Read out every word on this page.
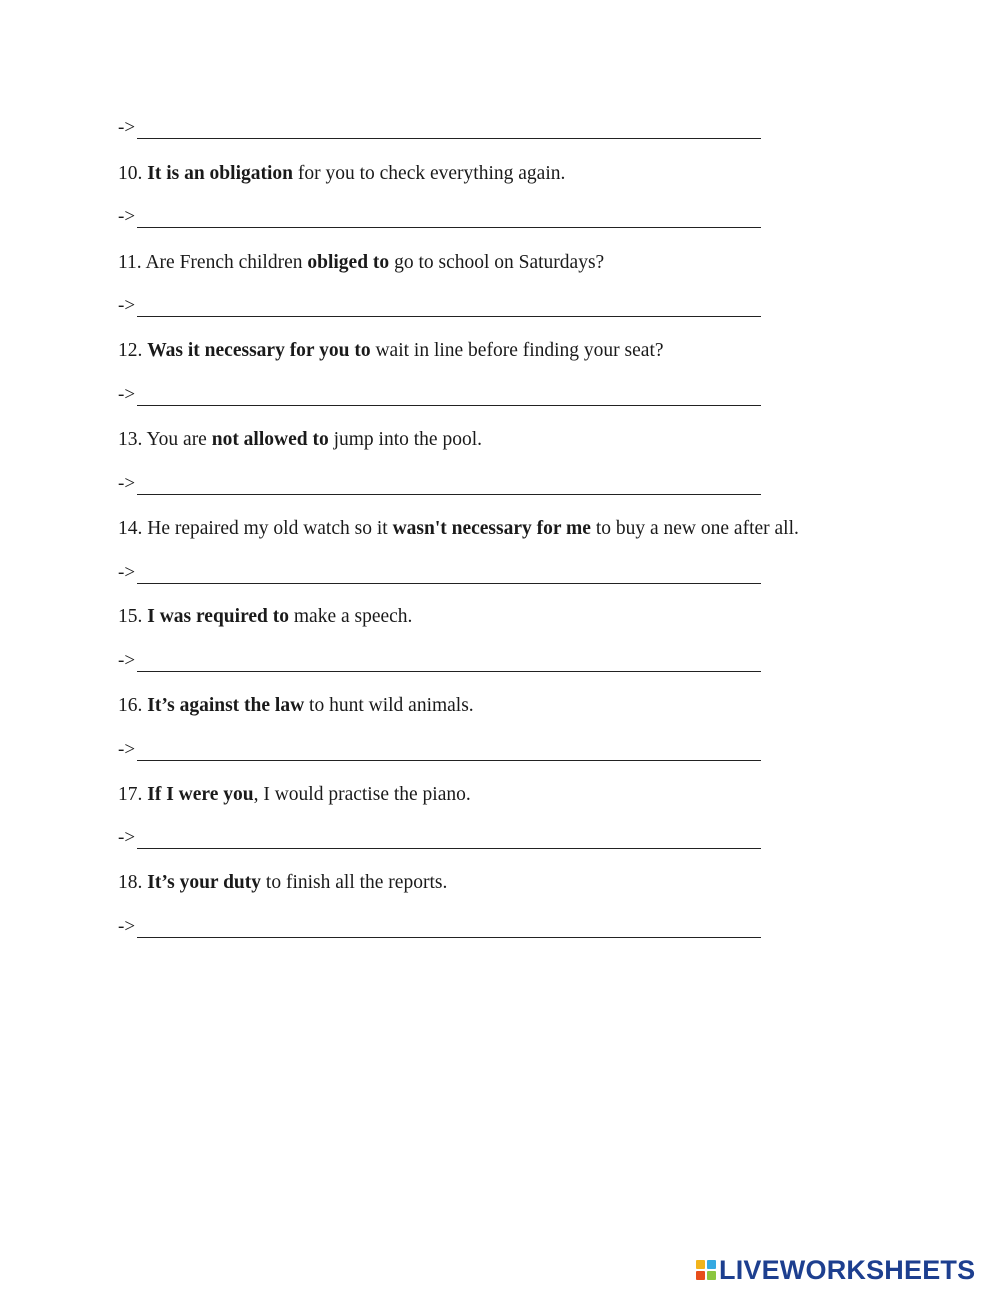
->
10. It is an obligation for you to check everything again.
->
11. Are French children obliged to go to school on Saturdays?
->
12. Was it necessary for you to wait in line before finding your seat?
->
13. You are not allowed to jump into the pool.
->
14. He repaired my old watch so it wasn't necessary for me to buy a new one after all.
->
15. I was required to make a speech.
->
16. It’s against the law to hunt wild animals.
->
17. If I were you, I would practise the piano.
->
18. It’s your duty to finish all the reports.
->
LIVEWORKSHEETS
